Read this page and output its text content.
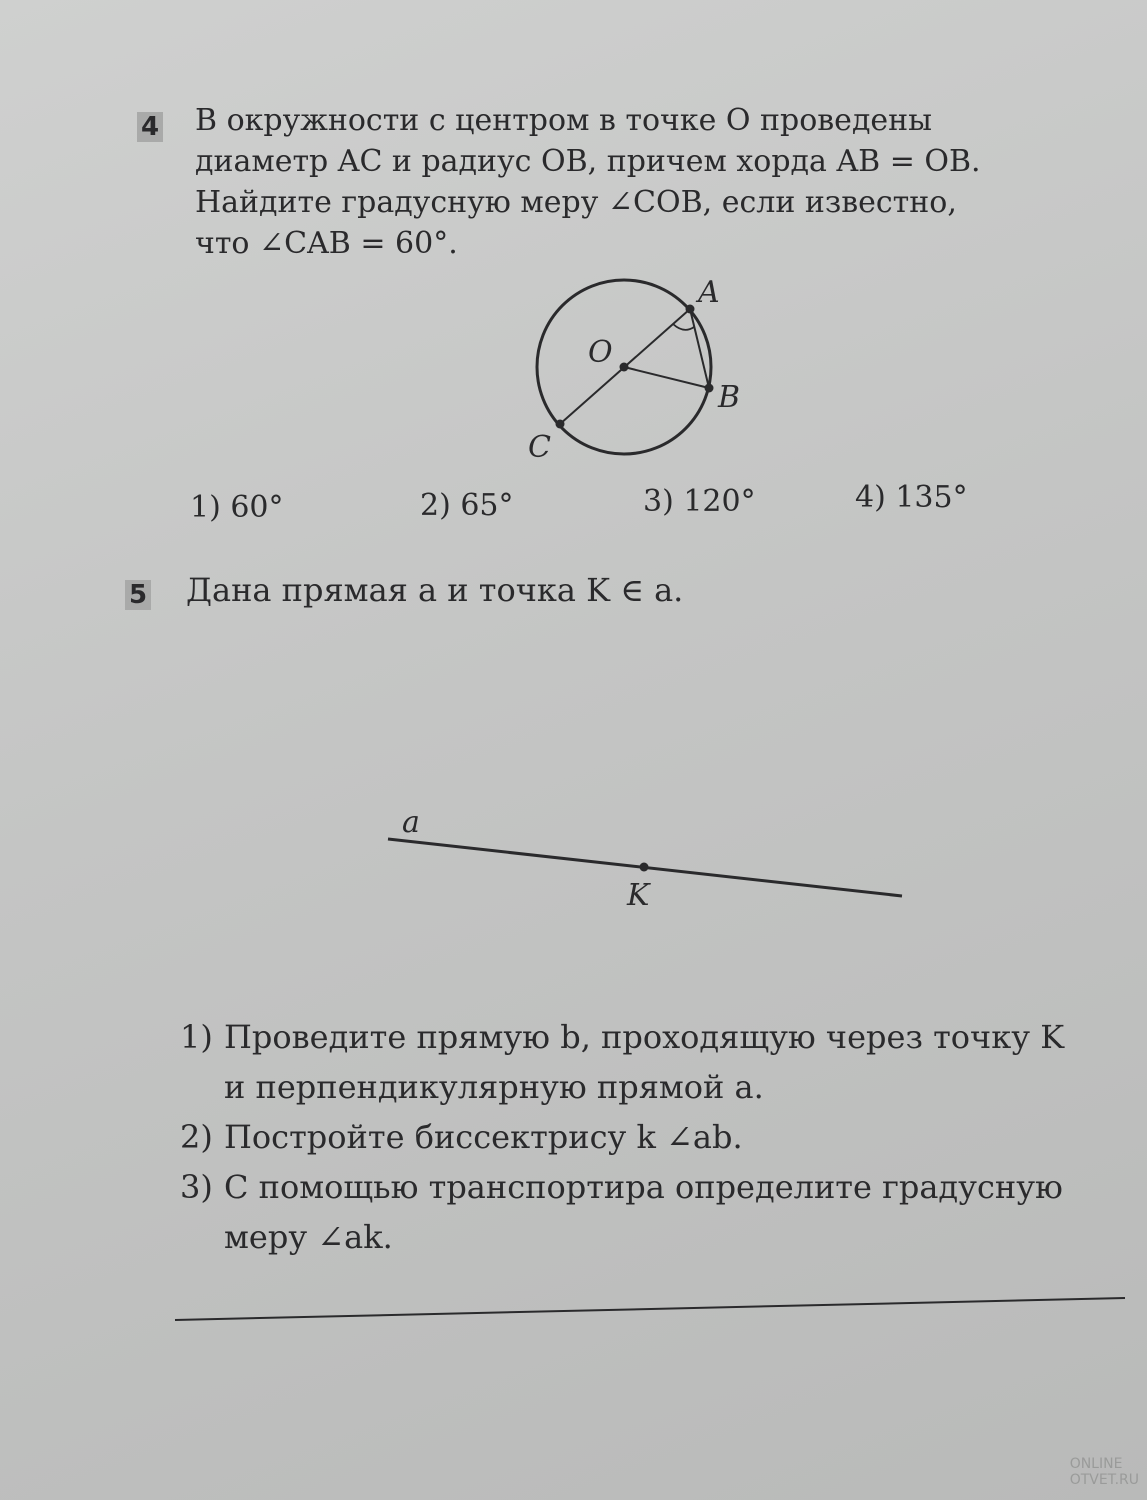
4 В окружности с центром в точке O проведены
диаметр AC и радиус OB, причем хорда AB = OB.
Найдите градусную меру ∠COB, если известно,
что ∠CAB = 60°.
A
O
B
C
a
K
1) 60°	2) 65°	3) 120°	4) 135°
5 Дана прямая a и точка K ∈ a.
1) Проведите прямую b, проходящую через точку K
и перпендикулярную прямой a.
2) Постройте биссектрису k ∠ab.
3) С помощью транспортира определите градусную
меру ∠ak.
ONLINE
OTVET.RU
